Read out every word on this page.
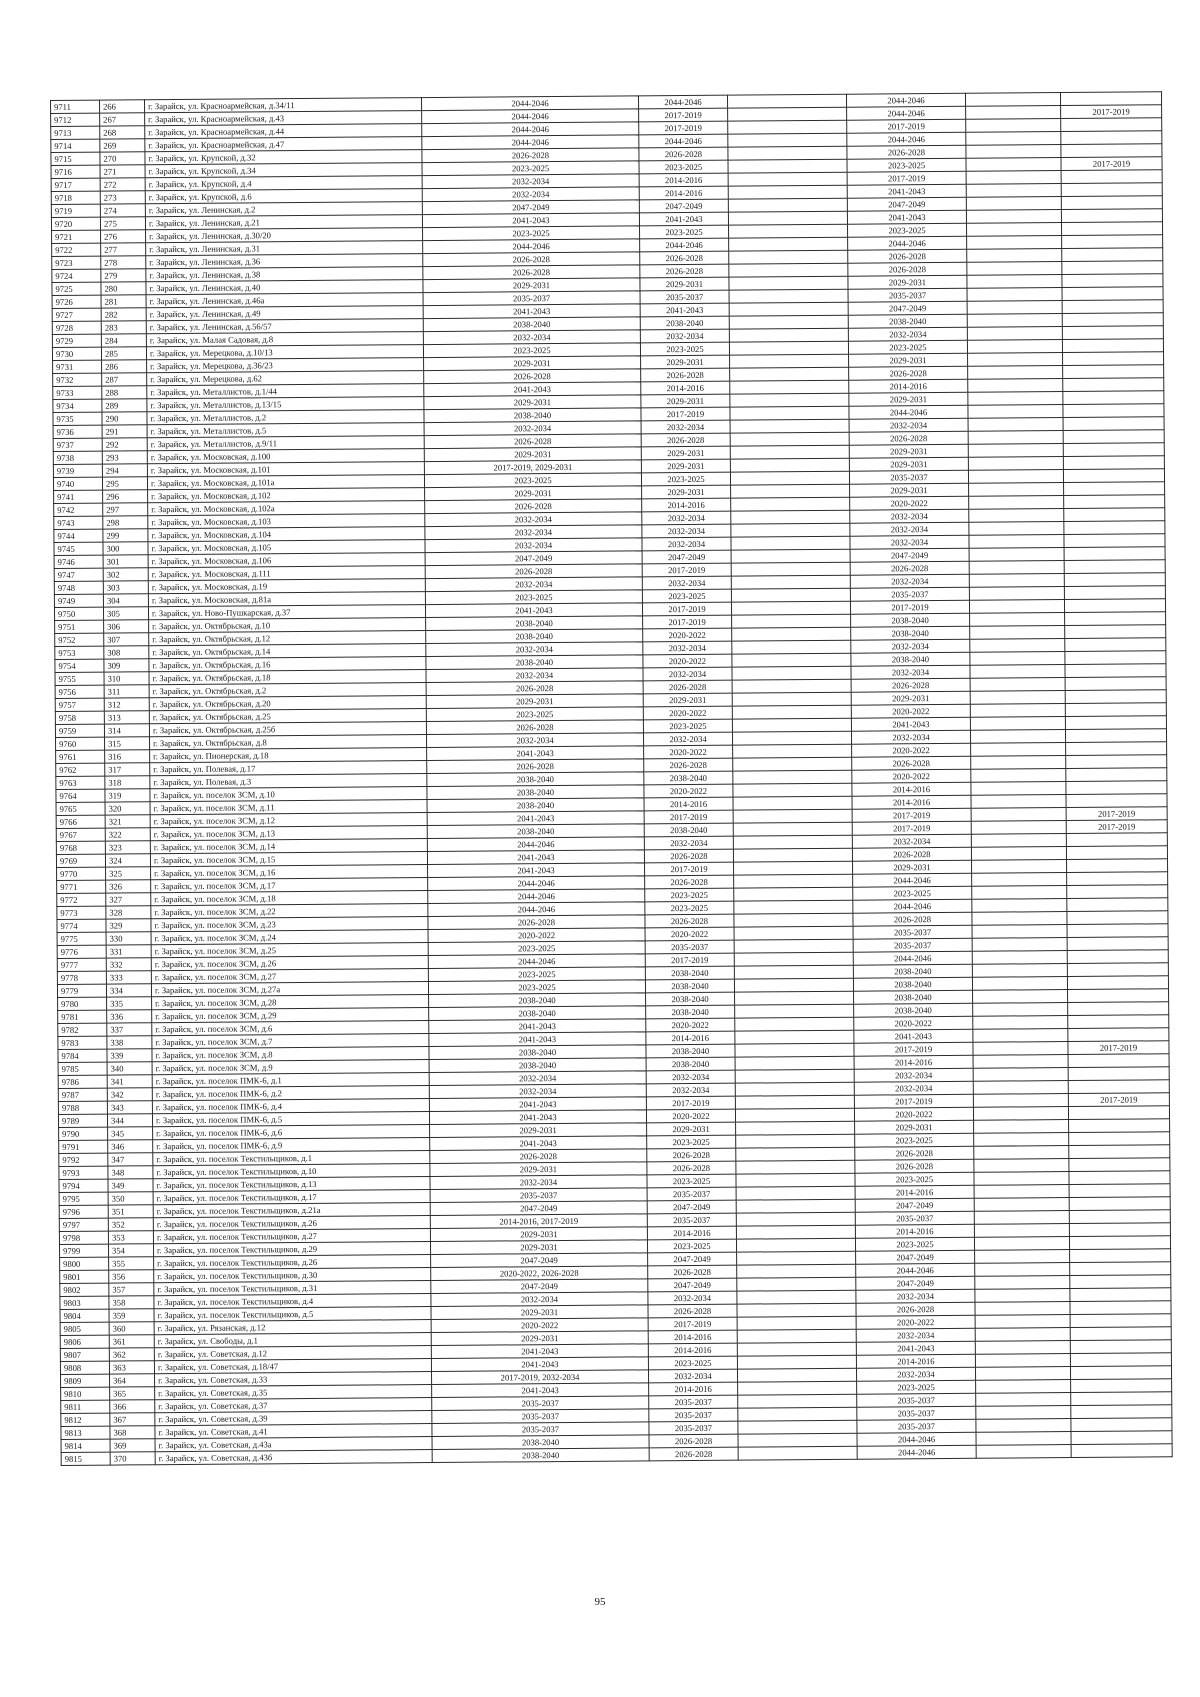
9711	266	г. Зарайск, ул. Красноармейская, д.34/11	2044-2046	2044-2046		2044-2046		
9712	267	г. Зарайск, ул. Красноармейская, д.43	2044-2046	2017-2019		2044-2046		2017-2019
9713	268	г. Зарайск, ул. Красноармейская, д.44	2044-2046	2017-2019		2017-2019		
9714	269	г. Зарайск, ул. Красноармейская, д.47	2044-2046	2044-2046		2044-2046		
9715	270	г. Зарайск, ул. Крупской, д.32	2026-2028	2026-2028		2026-2028		
9716	271	г. Зарайск, ул. Крупской, д.34	2023-2025	2023-2025		2023-2025		2017-2019
9717	272	г. Зарайск, ул. Крупской, д.4	2032-2034	2014-2016		2017-2019		
9718	273	г. Зарайск, ул. Крупской, д.6	2032-2034	2014-2016		2041-2043		
9719	274	г. Зарайск, ул. Ленинская, д.2	2047-2049	2047-2049		2047-2049		
9720	275	г. Зарайск, ул. Ленинская, д.21	2041-2043	2041-2043		2041-2043		
9721	276	г. Зарайск, ул. Ленинская, д.30/20	2023-2025	2023-2025		2023-2025		
9722	277	г. Зарайск, ул. Ленинская, д.31	2044-2046	2044-2046		2044-2046		
9723	278	г. Зарайск, ул. Ленинская, д.36	2026-2028	2026-2028		2026-2028		
9724	279	г. Зарайск, ул. Ленинская, д.38	2026-2028	2026-2028		2026-2028		
9725	280	г. Зарайск, ул. Ленинская, д.40	2029-2031	2029-2031		2029-2031		
9726	281	г. Зарайск, ул. Ленинская, д.46а	2035-2037	2035-2037		2035-2037		
9727	282	г. Зарайск, ул. Ленинская, д.49	2041-2043	2041-2043		2047-2049		
9728	283	г. Зарайск, ул. Ленинская, д.56/57	2038-2040	2038-2040		2038-2040		
9729	284	г. Зарайск, ул. Малая Садовая, д.8	2032-2034	2032-2034		2032-2034		
9730	285	г. Зарайск, ул. Мерецкова, д.10/13	2023-2025	2023-2025		2023-2025		
9731	286	г. Зарайск, ул. Мерецкова, д.36/23	2029-2031	2029-2031		2029-2031		
9732	287	г. Зарайск, ул. Мерецкова, д.62	2026-2028	2026-2028		2026-2028		
9733	288	г. Зарайск, ул. Металлистов, д.1/44	2041-2043	2014-2016		2014-2016		
9734	289	г. Зарайск, ул. Металлистов, д.13/15	2029-2031	2029-2031		2029-2031		
9735	290	г. Зарайск, ул. Металлистов, д.2	2038-2040	2017-2019		2044-2046		
9736	291	г. Зарайск, ул. Металлистов, д.5	2032-2034	2032-2034		2032-2034		
9737	292	г. Зарайск, ул. Металлистов, д.9/11	2026-2028	2026-2028		2026-2028		
9738	293	г. Зарайск, ул. Московская, д.100	2029-2031	2029-2031		2029-2031		
9739	294	г. Зарайск, ул. Московская, д.101	2017-2019, 2029-2031	2029-2031		2029-2031		
9740	295	г. Зарайск, ул. Московская, д.101а	2023-2025	2023-2025		2035-2037		
9741	296	г. Зарайск, ул. Московская, д.102	2029-2031	2029-2031		2029-2031		
9742	297	г. Зарайск, ул. Московская, д.102а	2026-2028	2014-2016		2020-2022		
9743	298	г. Зарайск, ул. Московская, д.103	2032-2034	2032-2034		2032-2034		
9744	299	г. Зарайск, ул. Московская, д.104	2032-2034	2032-2034		2032-2034		
9745	300	г. Зарайск, ул. Московская, д.105	2032-2034	2032-2034		2032-2034		
9746	301	г. Зарайск, ул. Московская, д.106	2047-2049	2047-2049		2047-2049		
9747	302	г. Зарайск, ул. Московская, д.111	2026-2028	2017-2019		2026-2028		
9748	303	г. Зарайск, ул. Московская, д.19	2032-2034	2032-2034		2032-2034		
9749	304	г. Зарайск, ул. Московская, д.81а	2023-2025	2023-2025		2035-2037		
9750	305	г. Зарайск, ул. Ново-Пушкарская, д.37	2041-2043	2017-2019		2017-2019		
9751	306	г. Зарайск, ул. Октябрьская, д.10	2038-2040	2017-2019		2038-2040		
9752	307	г. Зарайск, ул. Октябрьская, д.12	2038-2040	2020-2022		2038-2040		
9753	308	г. Зарайск, ул. Октябрьская, д.14	2032-2034	2032-2034		2032-2034		
9754	309	г. Зарайск, ул. Октябрьская, д.16	2038-2040	2020-2022		2038-2040		
9755	310	г. Зарайск, ул. Октябрьская, д.18	2032-2034	2032-2034		2032-2034		
9756	311	г. Зарайск, ул. Октябрьская, д.2	2026-2028	2026-2028		2026-2028		
9757	312	г. Зарайск, ул. Октябрьская, д.20	2029-2031	2029-2031		2029-2031		
9758	313	г. Зарайск, ул. Октябрьская, д.25	2023-2025	2020-2022		2020-2022		
9759	314	г. Зарайск, ул. Октябрьская, д.25б	2026-2028	2023-2025		2041-2043		
9760	315	г. Зарайск, ул. Октябрьская, д.8	2032-2034	2032-2034		2032-2034		
9761	316	г. Зарайск, ул. Пионерская, д.18	2041-2043	2020-2022		2020-2022		
9762	317	г. Зарайск, ул. Полевая, д.17	2026-2028	2026-2028		2026-2028		
9763	318	г. Зарайск, ул. Полевая, д.3	2038-2040	2038-2040		2020-2022		
9764	319	г. Зарайск, ул. поселок ЗСМ, д.10	2038-2040	2020-2022		2014-2016		
9765	320	г. Зарайск, ул. поселок ЗСМ, д.11	2038-2040	2014-2016		2014-2016		
9766	321	г. Зарайск, ул. поселок ЗСМ, д.12	2041-2043	2017-2019		2017-2019		2017-2019
9767	322	г. Зарайск, ул. поселок ЗСМ, д.13	2038-2040	2038-2040		2017-2019		2017-2019
9768	323	г. Зарайск, ул. поселок ЗСМ, д.14	2044-2046	2032-2034		2032-2034		
9769	324	г. Зарайск, ул. поселок ЗСМ, д.15	2041-2043	2026-2028		2026-2028		
9770	325	г. Зарайск, ул. поселок ЗСМ, д.16	2041-2043	2017-2019		2029-2031		
9771	326	г. Зарайск, ул. поселок ЗСМ, д.17	2044-2046	2026-2028		2044-2046		
9772	327	г. Зарайск, ул. поселок ЗСМ, д.18	2044-2046	2023-2025		2023-2025		
9773	328	г. Зарайск, ул. поселок ЗСМ, д.22	2044-2046	2023-2025		2044-2046		
9774	329	г. Зарайск, ул. поселок ЗСМ, д.23	2026-2028	2026-2028		2026-2028		
9775	330	г. Зарайск, ул. поселок ЗСМ, д.24	2020-2022	2020-2022		2035-2037		
9776	331	г. Зарайск, ул. поселок ЗСМ, д.25	2023-2025	2035-2037		2035-2037		
9777	332	г. Зарайск, ул. поселок ЗСМ, д.26	2044-2046	2017-2019		2044-2046		
9778	333	г. Зарайск, ул. поселок ЗСМ, д.27	2023-2025	2038-2040		2038-2040		
9779	334	г. Зарайск, ул. поселок ЗСМ, д.27а	2023-2025	2038-2040		2038-2040		
9780	335	г. Зарайск, ул. поселок ЗСМ, д.28	2038-2040	2038-2040		2038-2040		
9781	336	г. Зарайск, ул. поселок ЗСМ, д.29	2038-2040	2038-2040		2038-2040		
9782	337	г. Зарайск, ул. поселок ЗСМ, д.6	2041-2043	2020-2022		2020-2022		
9783	338	г. Зарайск, ул. поселок ЗСМ, д.7	2041-2043	2014-2016		2041-2043		
9784	339	г. Зарайск, ул. поселок ЗСМ, д.8	2038-2040	2038-2040		2017-2019		2017-2019
9785	340	г. Зарайск, ул. поселок ЗСМ, д.9	2038-2040	2038-2040		2014-2016		
9786	341	г. Зарайск, ул. поселок ПМК-6, д.1	2032-2034	2032-2034		2032-2034		
9787	342	г. Зарайск, ул. поселок ПМК-6, д.2	2032-2034	2032-2034		2032-2034		
9788	343	г. Зарайск, ул. поселок ПМК-6, д.4	2041-2043	2017-2019		2017-2019		2017-2019
9789	344	г. Зарайск, ул. поселок ПМК-6, д.5	2041-2043	2020-2022		2020-2022		
9790	345	г. Зарайск, ул. поселок ПМК-6, д.6	2029-2031	2029-2031		2029-2031		
9791	346	г. Зарайск, ул. поселок ПМК-6, д.9	2041-2043	2023-2025		2023-2025		
9792	347	г. Зарайск, ул. поселок Текстильщиков, д.1	2026-2028	2026-2028		2026-2028		
9793	348	г. Зарайск, ул. поселок Текстильщиков, д.10	2029-2031	2026-2028		2026-2028		
9794	349	г. Зарайск, ул. поселок Текстильщиков, д.13	2032-2034	2023-2025		2023-2025		
9795	350	г. Зарайск, ул. поселок Текстильщиков, д.17	2035-2037	2035-2037		2014-2016		
9796	351	г. Зарайск, ул. поселок Текстильщиков, д.21а	2047-2049	2047-2049		2047-2049		
9797	352	г. Зарайск, ул. поселок Текстильщиков, д.26	2014-2016, 2017-2019	2035-2037		2035-2037		
9798	353	г. Зарайск, ул. поселок Текстильщиков, д.27	2029-2031	2014-2016		2014-2016		
9799	354	г. Зарайск, ул. поселок Текстильщиков, д.29	2029-2031	2023-2025		2023-2025		
9800	355	г. Зарайск, ул. поселок Текстильщиков, д.26	2047-2049	2047-2049		2047-2049		
9801	356	г. Зарайск, ул. поселок Текстильщиков, д.30	2020-2022, 2026-2028	2026-2028		2044-2046		
9802	357	г. Зарайск, ул. поселок Текстильщиков, д.31	2047-2049	2047-2049		2047-2049		
9803	358	г. Зарайск, ул. поселок Текстильщиков, д.4	2032-2034	2032-2034		2032-2034		
9804	359	г. Зарайск, ул. поселок Текстильщиков, д.5	2029-2031	2026-2028		2026-2028		
9805	360	г. Зарайск, ул. Рязанская, д.12	2020-2022	2017-2019		2020-2022		
9806	361	г. Зарайск, ул. Свободы, д.1	2029-2031	2014-2016		2032-2034		
9807	362	г. Зарайск, ул. Советская, д.12	2041-2043	2014-2016		2041-2043		
9808	363	г. Зарайск, ул. Советская, д.18/47	2041-2043	2023-2025		2014-2016		
9809	364	г. Зарайск, ул. Советская, д.33	2017-2019, 2032-2034	2032-2034		2032-2034		
9810	365	г. Зарайск, ул. Советская, д.35	2041-2043	2014-2016		2023-2025		
9811	366	г. Зарайск, ул. Советская, д.37	2035-2037	2035-2037		2035-2037		
9812	367	г. Зарайск, ул. Советская, д.39	2035-2037	2035-2037		2035-2037		
9813	368	г. Зарайск, ул. Советская, д.41	2035-2037	2035-2037		2035-2037		
9814	369	г. Зарайск, ул. Советская, д.43а	2038-2040	2026-2028		2044-2046		
9815	370	г. Зарайск, ул. Советская, д.43б	2038-2040	2026-2028		2044-2046		
95
